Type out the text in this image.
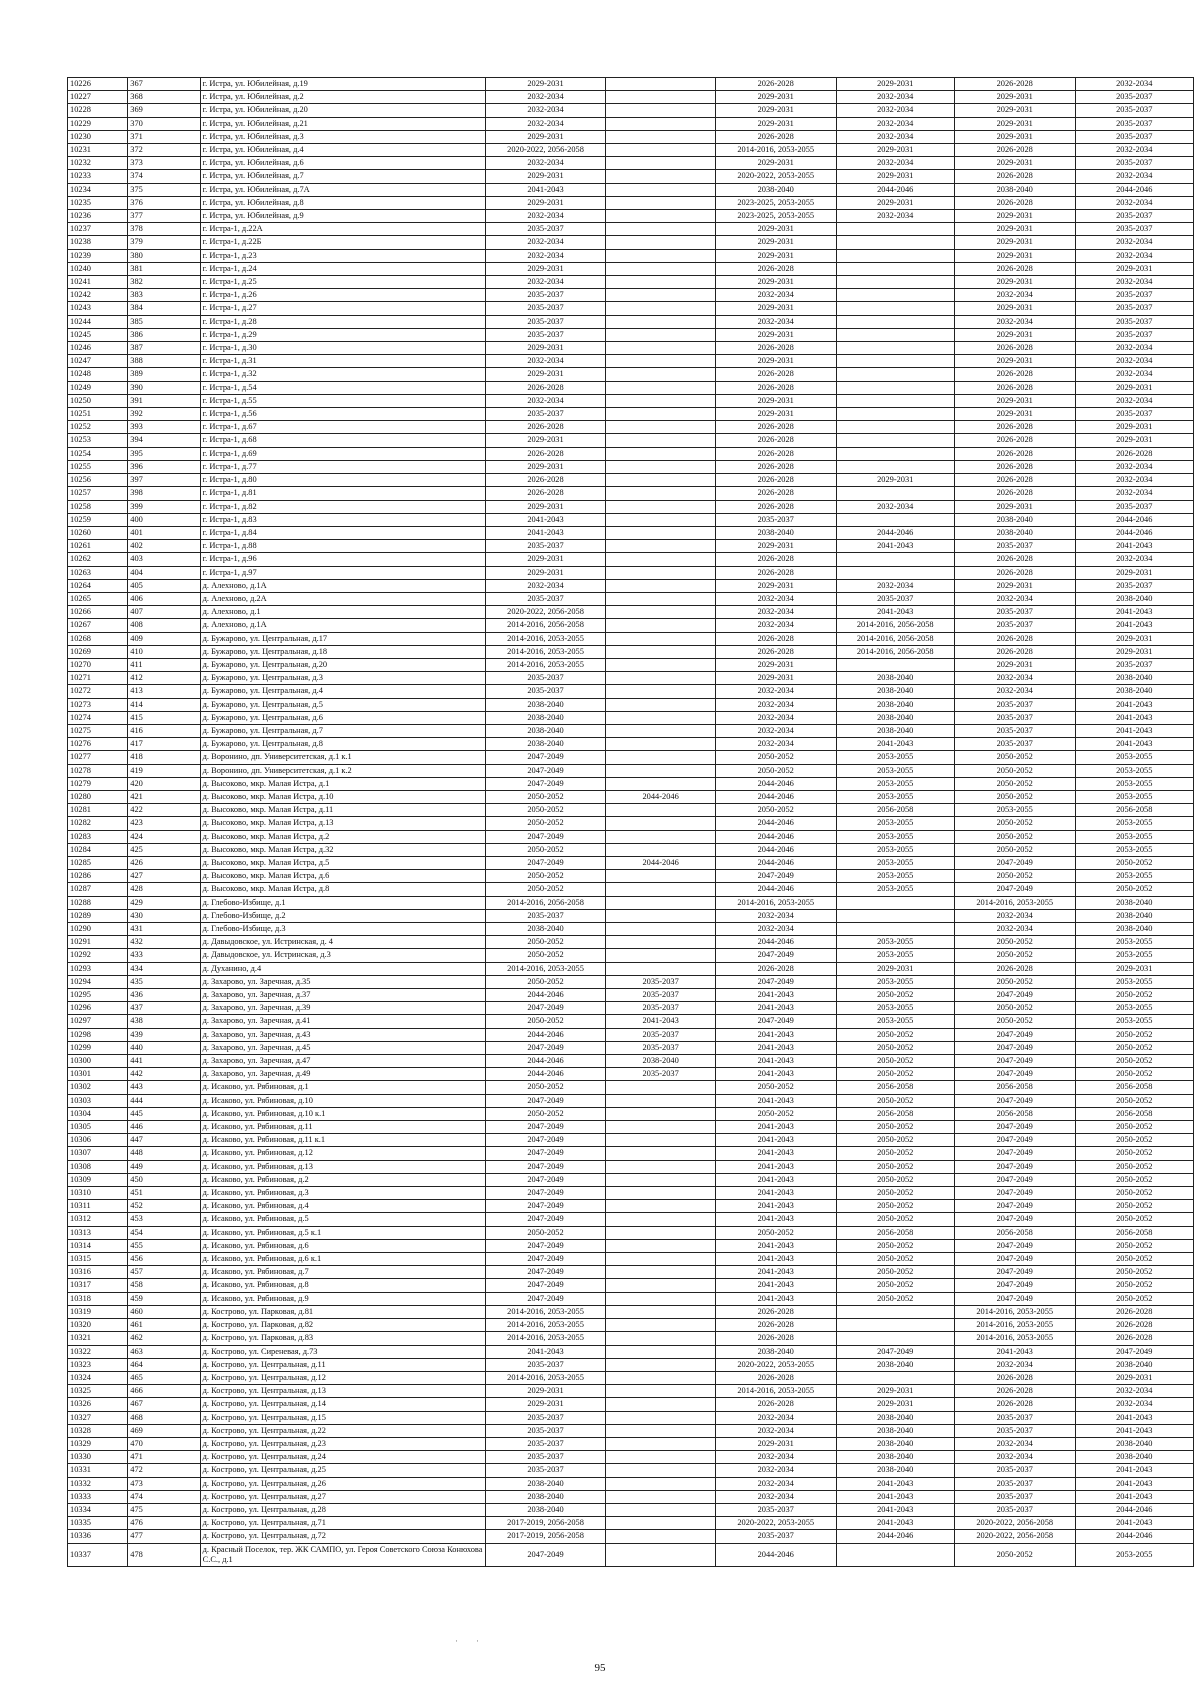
10226	367	г. Истра, ул. Юбилейная, д.19	2029-2031		2026-2028	2029-2031	2026-2028	2032-2034
10227	368	г. Истра, ул. Юбилейная, д.2	2032-2034		2029-2031	2032-2034	2029-2031	2035-2037
10228	369	г. Истра, ул. Юбилейная, д.20	2032-2034		2029-2031	2032-2034	2029-2031	2035-2037
10229	370	г. Истра, ул. Юбилейная, д.21	2032-2034		2029-2031	2032-2034	2029-2031	2035-2037
10230	371	г. Истра, ул. Юбилейная, д.3	2029-2031		2026-2028	2032-2034	2029-2031	2035-2037
10231	372	г. Истра, ул. Юбилейная, д.4	2020-2022, 2056-2058		2014-2016, 2053-2055	2029-2031	2026-2028	2032-2034
10232	373	г. Истра, ул. Юбилейная, д.6	2032-2034		2029-2031	2032-2034	2029-2031	2035-2037
10233	374	г. Истра, ул. Юбилейная, д.7	2029-2031		2020-2022, 2053-2055	2029-2031	2026-2028	2032-2034
10234	375	г. Истра, ул. Юбилейная, д.7А	2041-2043		2038-2040	2044-2046	2038-2040	2044-2046
10235	376	г. Истра, ул. Юбилейная, д.8	2029-2031		2023-2025, 2053-2055	2029-2031	2026-2028	2032-2034
10236	377	г. Истра, ул. Юбилейная, д.9	2032-2034		2023-2025, 2053-2055	2032-2034	2029-2031	2035-2037
10237	378	г. Истра-1, д.22А	2035-2037		2029-2031		2029-2031	2035-2037
10238	379	г. Истра-1, д.22Б	2032-2034		2029-2031		2029-2031	2032-2034
10239	380	г. Истра-1, д.23	2032-2034		2029-2031		2029-2031	2032-2034
10240	381	г. Истра-1, д.24	2029-2031		2026-2028		2026-2028	2029-2031
10241	382	г. Истра-1, д.25	2032-2034		2029-2031		2029-2031	2032-2034
10242	383	г. Истра-1, д.26	2035-2037		2032-2034		2032-2034	2035-2037
10243	384	г. Истра-1, д.27	2035-2037		2029-2031		2029-2031	2035-2037
10244	385	г. Истра-1, д.28	2035-2037		2032-2034		2032-2034	2035-2037
10245	386	г. Истра-1, д.29	2035-2037		2029-2031		2029-2031	2035-2037
10246	387	г. Истра-1, д.30	2029-2031		2026-2028		2026-2028	2032-2034
10247	388	г. Истра-1, д.31	2032-2034		2029-2031		2029-2031	2032-2034
10248	389	г. Истра-1, д.32	2029-2031		2026-2028		2026-2028	2032-2034
10249	390	г. Истра-1, д.54	2026-2028		2026-2028		2026-2028	2029-2031
10250	391	г. Истра-1, д.55	2032-2034		2029-2031		2029-2031	2032-2034
10251	392	г. Истра-1, д.56	2035-2037		2029-2031		2029-2031	2035-2037
10252	393	г. Истра-1, д.67	2026-2028		2026-2028		2026-2028	2029-2031
10253	394	г. Истра-1, д.68	2029-2031		2026-2028		2026-2028	2029-2031
10254	395	г. Истра-1, д.69	2026-2028		2026-2028		2026-2028	2026-2028
10255	396	г. Истра-1, д.77	2029-2031		2026-2028		2026-2028	2032-2034
10256	397	г. Истра-1, д.80	2026-2028		2026-2028	2029-2031	2026-2028	2032-2034
10257	398	г. Истра-1, д.81	2026-2028		2026-2028		2026-2028	2032-2034
10258	399	г. Истра-1, д.82	2029-2031		2026-2028	2032-2034	2029-2031	2035-2037
10259	400	г. Истра-1, д.83	2041-2043		2035-2037		2038-2040	2044-2046
10260	401	г. Истра-1, д.84	2041-2043		2038-2040	2044-2046	2038-2040	2044-2046
10261	402	г. Истра-1, д.88	2035-2037		2029-2031	2041-2043	2035-2037	2041-2043
10262	403	г. Истра-1, д.96	2029-2031		2026-2028		2026-2028	2032-2034
10263	404	г. Истра-1, д.97	2029-2031		2026-2028		2026-2028	2029-2031
10264	405	д. Алехново, д.1А	2032-2034		2029-2031	2032-2034	2029-2031	2035-2037
10265	406	д. Алехново, д.2А	2035-2037		2032-2034	2035-2037	2032-2034	2038-2040
10266	407	д. Алехново, д.1	2020-2022, 2056-2058		2032-2034	2041-2043	2035-2037	2041-2043
10267	408	д. Алехново, д.1А	2014-2016, 2056-2058		2032-2034	2014-2016, 2056-2058	2035-2037	2041-2043
10268	409	д. Бужарово, ул. Центральная, д.17	2014-2016, 2053-2055		2026-2028	2014-2016, 2056-2058	2026-2028	2029-2031
10269	410	д. Бужарово, ул. Центральная, д.18	2014-2016, 2053-2055		2026-2028	2014-2016, 2056-2058	2026-2028	2029-2031
10270	411	д. Бужарово, ул. Центральная, д.20	2014-2016, 2053-2055		2029-2031		2029-2031	2035-2037
10271	412	д. Бужарово, ул. Центральная, д.3	2035-2037		2029-2031	2038-2040	2032-2034	2038-2040
10272	413	д. Бужарово, ул. Центральная, д.4	2035-2037		2032-2034	2038-2040	2032-2034	2038-2040
10273	414	д. Бужарово, ул. Центральная, д.5	2038-2040		2032-2034	2038-2040	2035-2037	2041-2043
10274	415	д. Бужарово, ул. Центральная, д.6	2038-2040		2032-2034	2038-2040	2035-2037	2041-2043
10275	416	д. Бужарово, ул. Центральная, д.7	2038-2040		2032-2034	2038-2040	2035-2037	2041-2043
10276	417	д. Бужарово, ул. Центральная, д.8	2038-2040		2032-2034	2041-2043	2035-2037	2041-2043
10277	418	д. Воронино, дп. Университетская, д.1 к.1	2047-2049		2050-2052	2053-2055	2050-2052	2053-2055
10278	419	д. Воронино, дп. Университетская, д.1 к.2	2047-2049		2050-2052	2053-2055	2050-2052	2053-2055
10279	420	д. Высоково, мкр. Малая Истра, д.1	2047-2049		2044-2046	2053-2055	2050-2052	2053-2055
10280	421	д. Высоково, мкр. Малая Истра, д.10	2050-2052	2044-2046	2044-2046	2053-2055	2050-2052	2053-2055
10281	422	д. Высоково, мкр. Малая Истра, д.11	2050-2052		2050-2052	2056-2058	2053-2055	2056-2058
10282	423	д. Высоково, мкр. Малая Истра, д.13	2050-2052		2044-2046	2053-2055	2050-2052	2053-2055
10283	424	д. Высоково, мкр. Малая Истра, д.2	2047-2049		2044-2046	2053-2055	2050-2052	2053-2055
10284	425	д. Высоково, мкр. Малая Истра, д.32	2050-2052		2044-2046	2053-2055	2050-2052	2053-2055
10285	426	д. Высоково, мкр. Малая Истра, д.5	2047-2049	2044-2046	2044-2046	2053-2055	2047-2049	2050-2052
10286	427	д. Высоково, мкр. Малая Истра, д.6	2050-2052		2047-2049	2053-2055	2050-2052	2053-2055
10287	428	д. Высоково, мкр. Малая Истра, д.8	2050-2052		2044-2046	2053-2055	2047-2049	2050-2052
10288	429	д. Глебово-Избище, д.1	2014-2016, 2056-2058		2014-2016, 2053-2055		2014-2016, 2053-2055	2038-2040
10289	430	д. Глебово-Избище, д.2	2035-2037		2032-2034		2032-2034	2038-2040
10290	431	д. Глебово-Избище, д.3	2038-2040		2032-2034		2032-2034	2038-2040
10291	432	д. Давыдовское, ул. Истринская, д. 4	2050-2052		2044-2046	2053-2055	2050-2052	2053-2055
10292	433	д. Давыдовское, ул. Истринская, д.3	2050-2052		2047-2049	2053-2055	2050-2052	2053-2055
10293	434	д. Духанино, д.4	2014-2016, 2053-2055		2026-2028	2029-2031	2026-2028	2029-2031
10294	435	д. Захарово, ул. Заречная, д.35	2050-2052	2035-2037	2047-2049	2053-2055	2050-2052	2053-2055
10295	436	д. Захарово, ул. Заречная, д.37	2044-2046	2035-2037	2041-2043	2050-2052	2047-2049	2050-2052
10296	437	д. Захарово, ул. Заречная, д.39	2047-2049	2035-2037	2041-2043	2053-2055	2050-2052	2053-2055
10297	438	д. Захарово, ул. Заречная, д.41	2050-2052	2041-2043	2047-2049	2053-2055	2050-2052	2053-2055
10298	439	д. Захарово, ул. Заречная, д.43	2044-2046	2035-2037	2041-2043	2050-2052	2047-2049	2050-2052
10299	440	д. Захарово, ул. Заречная, д.45	2047-2049	2035-2037	2041-2043	2050-2052	2047-2049	2050-2052
10300	441	д. Захарово, ул. Заречная, д.47	2044-2046	2038-2040	2041-2043	2050-2052	2047-2049	2050-2052
10301	442	д. Захарово, ул. Заречная, д.49	2044-2046	2035-2037	2041-2043	2050-2052	2047-2049	2050-2052
10302	443	д. Исаково, ул. Рябиновая, д.1	2050-2052		2050-2052	2056-2058	2056-2058	2056-2058
10303	444	д. Исаково, ул. Рябиновая, д.10	2047-2049		2041-2043	2050-2052	2047-2049	2050-2052
10304	445	д. Исаково, ул. Рябиновая, д.10 к.1	2050-2052		2050-2052	2056-2058	2056-2058	2056-2058
10305	446	д. Исаково, ул. Рябиновая, д.11	2047-2049		2041-2043	2050-2052	2047-2049	2050-2052
10306	447	д. Исаково, ул. Рябиновая, д.11 к.1	2047-2049		2041-2043	2050-2052	2047-2049	2050-2052
10307	448	д. Исаково, ул. Рябиновая, д.12	2047-2049		2041-2043	2050-2052	2047-2049	2050-2052
10308	449	д. Исаково, ул. Рябиновая, д.13	2047-2049		2041-2043	2050-2052	2047-2049	2050-2052
10309	450	д. Исаково, ул. Рябиновая, д.2	2047-2049		2041-2043	2050-2052	2047-2049	2050-2052
10310	451	д. Исаково, ул. Рябиновая, д.3	2047-2049		2041-2043	2050-2052	2047-2049	2050-2052
10311	452	д. Исаково, ул. Рябиновая, д.4	2047-2049		2041-2043	2050-2052	2047-2049	2050-2052
10312	453	д. Исаково, ул. Рябиновая, д.5	2047-2049		2041-2043	2050-2052	2047-2049	2050-2052
10313	454	д. Исаково, ул. Рябиновая, д.5 к.1	2050-2052		2050-2052	2056-2058	2056-2058	2056-2058
10314	455	д. Исаково, ул. Рябиновая, д.6	2047-2049		2041-2043	2050-2052	2047-2049	2050-2052
10315	456	д. Исаково, ул. Рябиновая, д.6 к.1	2047-2049		2041-2043	2050-2052	2047-2049	2050-2052
10316	457	д. Исаково, ул. Рябиновая, д.7	2047-2049		2041-2043	2050-2052	2047-2049	2050-2052
10317	458	д. Исаково, ул. Рябиновая, д.8	2047-2049		2041-2043	2050-2052	2047-2049	2050-2052
10318	459	д. Исаково, ул. Рябиновая, д.9	2047-2049		2041-2043	2050-2052	2047-2049	2050-2052
10319	460	д. Кострово, ул. Парковая, д.81	2014-2016, 2053-2055		2026-2028		2014-2016, 2053-2055	2026-2028
10320	461	д. Кострово, ул. Парковая, д.82	2014-2016, 2053-2055		2026-2028		2014-2016, 2053-2055	2026-2028
10321	462	д. Кострово, ул. Парковая, д.83	2014-2016, 2053-2055		2026-2028		2014-2016, 2053-2055	2026-2028
10322	463	д. Кострово, ул. Сиреневая, д.73	2041-2043		2038-2040	2047-2049	2041-2043	2047-2049
10323	464	д. Кострово, ул. Центральная, д.11	2035-2037		2020-2022, 2053-2055	2038-2040	2032-2034	2038-2040
10324	465	д. Кострово, ул. Центральная, д.12	2014-2016, 2053-2055		2026-2028		2026-2028	2029-2031
10325	466	д. Кострово, ул. Центральная, д.13	2029-2031		2014-2016, 2053-2055	2029-2031	2026-2028	2032-2034
10326	467	д. Кострово, ул. Центральная, д.14	2029-2031		2026-2028	2029-2031	2026-2028	2032-2034
10327	468	д. Кострово, ул. Центральная, д.15	2035-2037		2032-2034	2038-2040	2035-2037	2041-2043
10328	469	д. Кострово, ул. Центральная, д.22	2035-2037		2032-2034	2038-2040	2035-2037	2041-2043
10329	470	д. Кострово, ул. Центральная, д.23	2035-2037		2029-2031	2038-2040	2032-2034	2038-2040
10330	471	д. Кострово, ул. Центральная, д.24	2035-2037		2032-2034	2038-2040	2032-2034	2038-2040
10331	472	д. Кострово, ул. Центральная, д.25	2035-2037		2032-2034	2038-2040	2035-2037	2041-2043
10332	473	д. Кострово, ул. Центральная, д.26	2038-2040		2032-2034	2041-2043	2035-2037	2041-2043
10333	474	д. Кострово, ул. Центральная, д.27	2038-2040		2032-2034	2041-2043	2035-2037	2041-2043
10334	475	д. Кострово, ул. Центральная, д.28	2038-2040		2035-2037	2041-2043	2035-2037	2044-2046
10335	476	д. Кострово, ул. Центральная, д.71	2017-2019, 2056-2058		2020-2022, 2053-2055	2041-2043	2020-2022, 2056-2058	2041-2043
10336	477	д. Кострово, ул. Центральная, д.72	2017-2019, 2056-2058		2035-2037	2044-2046	2020-2022, 2056-2058	2044-2046
10337	478	д. Красный Поселок, тер. ЖК САМПО, ул. Героя Советского Союза Конюхова С.С., д.1	2047-2049		2044-2046		2050-2052	2053-2055
·        ·
95
